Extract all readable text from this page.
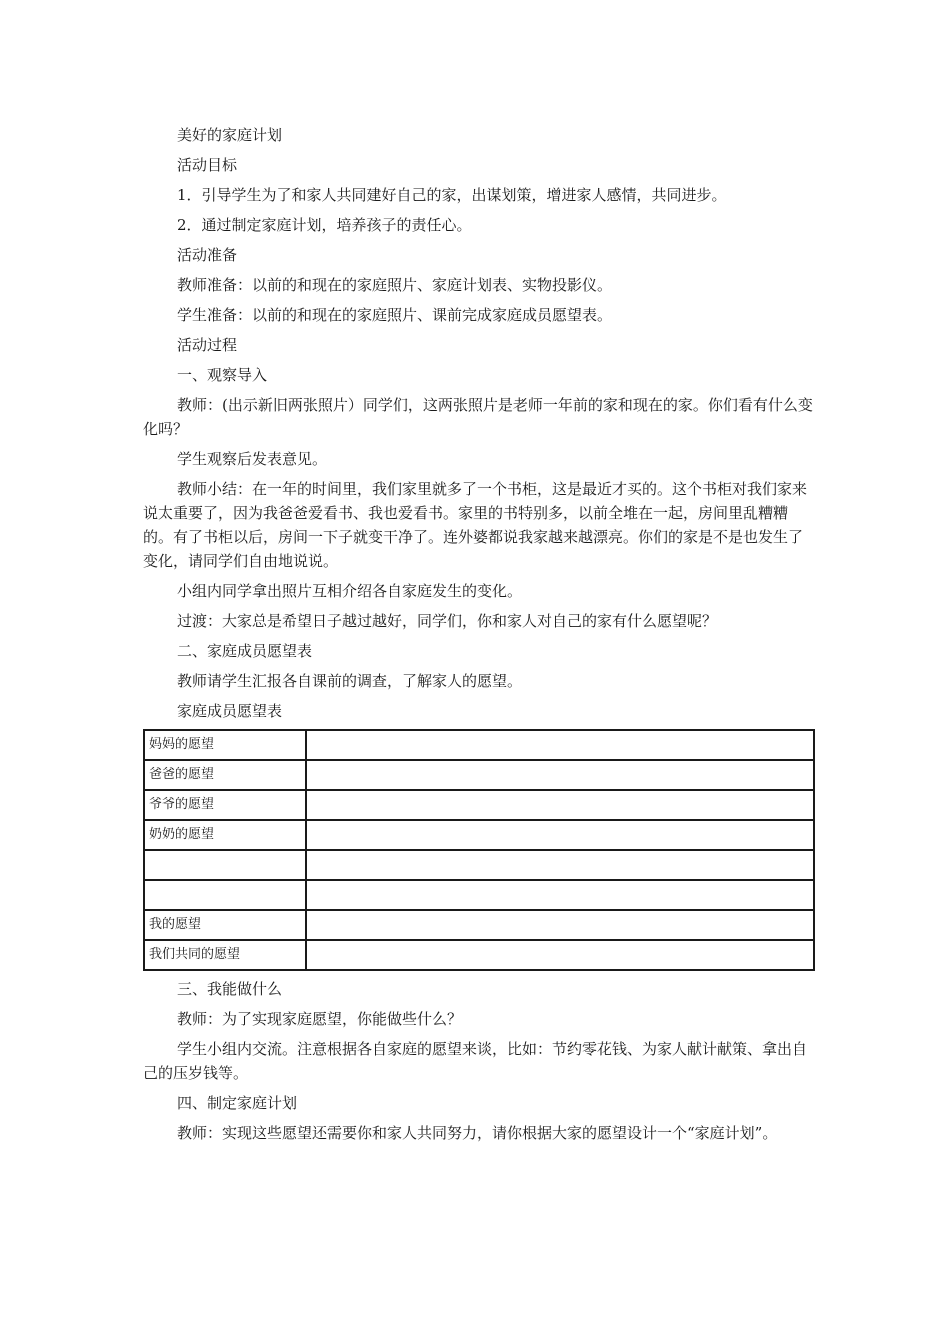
美好的家庭计划

活动目标

1．引导学生为了和家人共同建好自己的家，出谋划策，增进家人感情，共同进步。

2．通过制定家庭计划，培养孩子的责任心。

活动准备

教师准备：以前的和现在的家庭照片、家庭计划表、实物投影仪。

学生准备：以前的和现在的家庭照片、课前完成家庭成员愿望表。

活动过程

一、观察导入

教师：(出示新旧两张照片）同学们，这两张照片是老师一年前的家和现在的家。你们看有什么变化吗？

学生观察后发表意见。

教师小结：在一年的时间里，我们家里就多了一个书柜，这是最近才买的。这个书柜对我们家来说太重要了，因为我爸爸爱看书、我也爱看书。家里的书特别多，以前全堆在一起，房间里乱糟糟的。有了书柜以后，房间一下子就变干净了。连外婆都说我家越来越漂亮。你们的家是不是也发生了变化，请同学们自由地说说。

小组内同学拿出照片互相介绍各自家庭发生的变化。

过渡：大家总是希望日子越过越好，同学们，你和家人对自己的家有什么愿望呢？

二、家庭成员愿望表

教师请学生汇报各自课前的调查，了解家人的愿望。

家庭成员愿望表

妈妈的愿望	
爸爸的愿望	
爷爷的愿望	
奶奶的愿望	

我的愿望	
我们共同的愿望	

三、我能做什么

教师：为了实现家庭愿望，你能做些什么？

学生小组内交流。注意根据各自家庭的愿望来谈，比如：节约零花钱、为家人献计献策、拿出自己的压岁钱等。

四、制定家庭计划

教师：实现这些愿望还需要你和家人共同努力，请你根据大家的愿望设计一个“家庭计划”。
